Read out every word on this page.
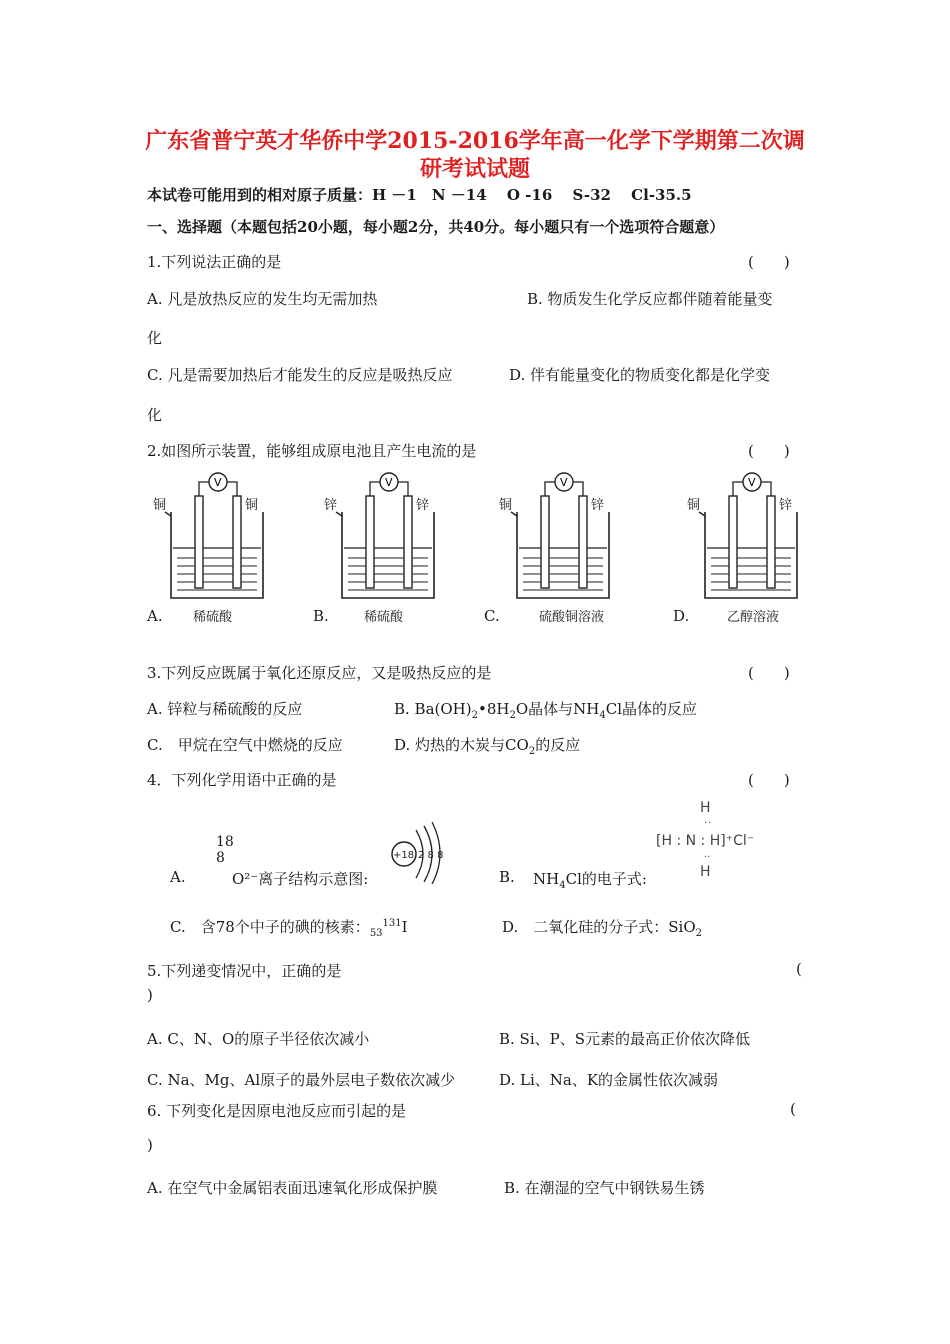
广东省普宁英才华侨中学2015-2016学年高一化学下学期第二次调
研考试试题
本试卷可能用到的相对原子质量：H －1　N －14　 O -16　 S-32　 Cl-35.5
一、选择题（本题包括20小题，每小题2分，共40分。每小题只有一个选项符合题意）
1.下列说法正确的是	(　　)
A. 凡是放热反应的发生均无需加热	B. 物质发生化学反应都伴随着能量变
化
C. 凡是需要加热后才能发生的反应是吸热反应	D. 伴有能量变化的物质变化都是化学变
化
2.如图所示装置，能够组成原电池且产生电流的是	(　　)
V
铜	铜
稀硫酸
A.
V
锌	锌
稀硫酸
B.
V
铜	锌
硫酸铜溶液
C.
V
铜	锌
乙醇溶液
D.
3.下列反应既属于氧化还原反应，又是吸热反应的是	(　　)
A. 锌粒与稀硫酸的反应	B. $Ba(OH)_2•8H_2O$晶体与$NH_4Cl$晶体的反应
C.　甲烷在空气中燃烧的反应	D. 灼热的木炭与$CO_2$的反应
4．下列化学用语中正确的是	(　　)
A.
18
8
O²⁻离子结构示意图:
+18 2 8 8
B. $NH_4Cl$的电子式:
H
··
[H : N : H]⁺Cl⁻
··
H
C.　含78个中子的碘的核素：$_{53}^{131}$I	D.　二氧化硅的分子式：SiO$_2$
5.下列递变情况中，正确的是	(
)
A. C、N、O的原子半径依次减小	B. Si、P、S元素的最高正价依次降低
C. Na、Mg、Al原子的最外层电子数依次减少	D. Li、Na、K的金属性依次减弱
6. 下列变化是因原电池反应而引起的是	(
)
A. 在空气中金属铝表面迅速氧化形成保护膜	B. 在潮湿的空气中钢铁易生锈
